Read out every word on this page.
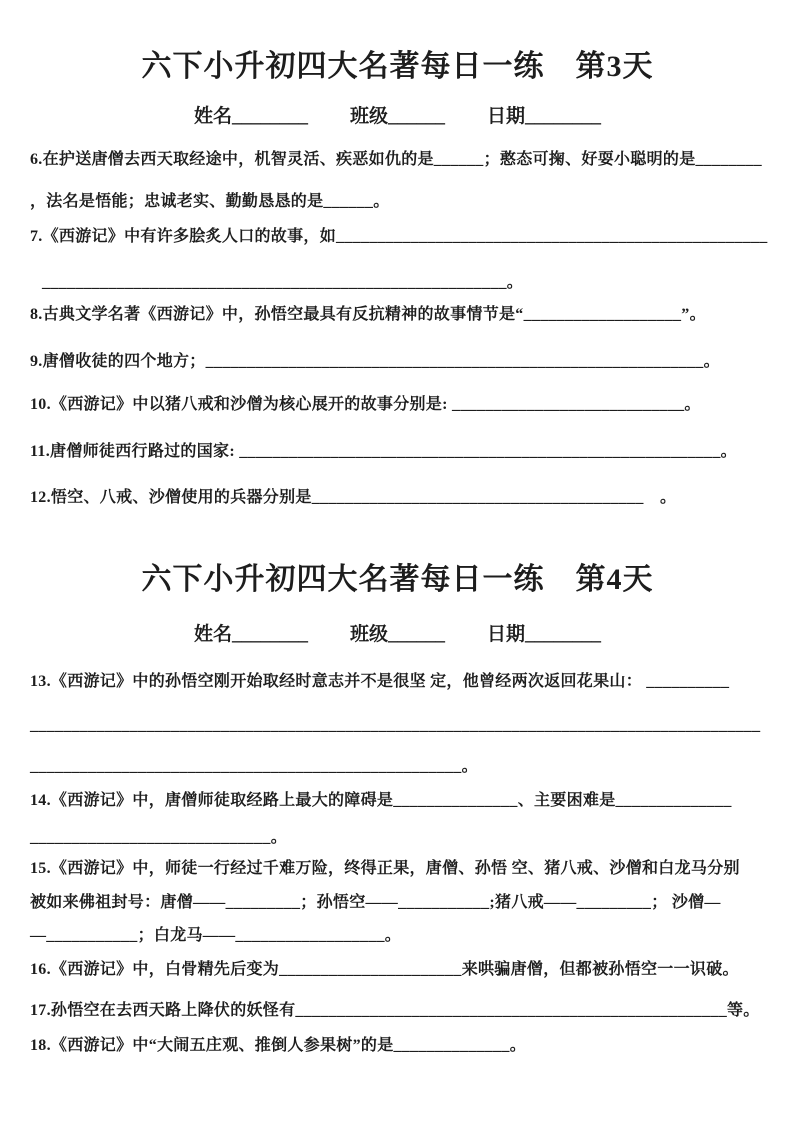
六下小升初四大名著每日一练　第3天
姓名________ 班级______ 日期________

6.在护送唐僧去西天取经途中，机智灵活、疾恶如仇的是______；憨态可掬、好耍小聪明的是________

，法名是悟能；忠诚老实、勤勤恳恳的是______。

7.《西游记》中有许多脍炙人口的故事，如____________________________________________________

________________________________________________________。

8.古典文学名著《西游记》中，孙悟空最具有反抗精神的故事情节是“___________________”。

9.唐僧收徒的四个地方；____________________________________________________________。

10.《西游记》中以猪八戒和沙僧为核心展开的故事分别是: ____________________________。

11.唐僧师徒西行路过的国家: __________________________________________________________。

12.悟空、八戒、沙僧使用的兵器分别是________________________________________　。

六下小升初四大名著每日一练　第4天
姓名________ 班级______ 日期________

13.《西游记》中的孙悟空刚开始取经时意志并不是很坚 定，他曾经两次返回花果山： __________

________________________________________________________________________________________

____________________________________________________。

14.《西游记》中，唐僧师徒取经路上最大的障碍是_______________、主要困难是______________

_____________________________。

15.《西游记》中，师徒一行经过千难万险，终得正果，唐僧、孙悟 空、猪八戒、沙僧和白龙马分别

被如来佛祖封号：唐僧——_________；孙悟空——___________;猪八戒——_________； 沙僧—

—___________；白龙马——__________________。

16.《西游记》中，白骨精先后变为______________________来哄骗唐僧，但都被孙悟空一一识破。

17.孙悟空在去西天路上降伏的妖怪有____________________________________________________等。

18.《西游记》中“大闹五庄观、推倒人参果树”的是______________。
